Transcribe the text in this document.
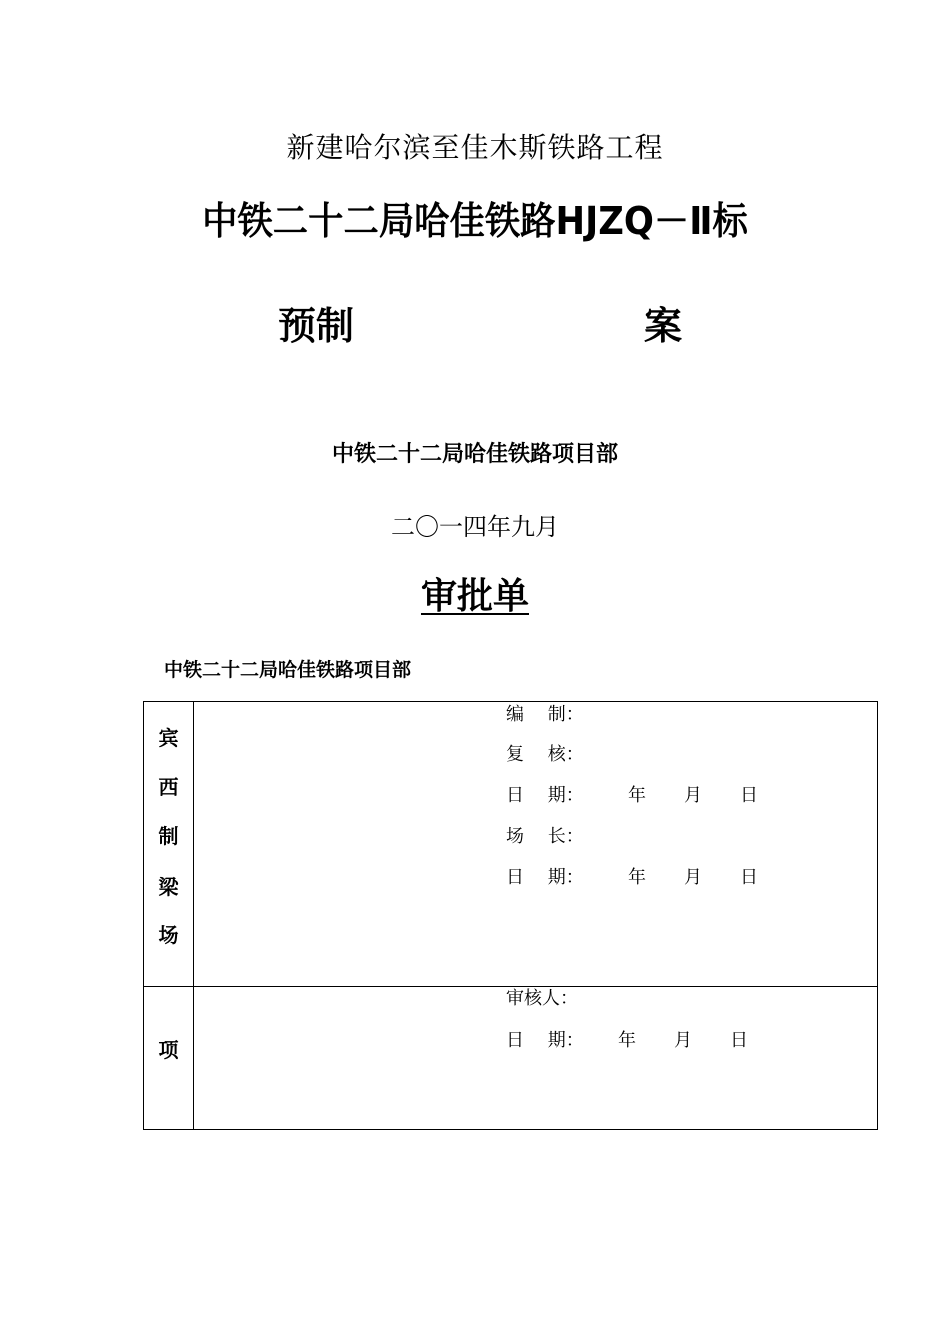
新建哈尔滨至佳木斯铁路工程
中铁二十二局哈佳铁路HJZQ－Ⅱ标
预制	案
中铁二十二局哈佳铁路项目部
二〇一四年九月
审批单
中铁二十二局哈佳铁路项目部
宾
西
制
梁
场
编　 制：
复　 核：
日　 期：	年 月 日
场　 长：
日　 期：	年 月 日
项
审核人：
日　 期：	年 月 日
